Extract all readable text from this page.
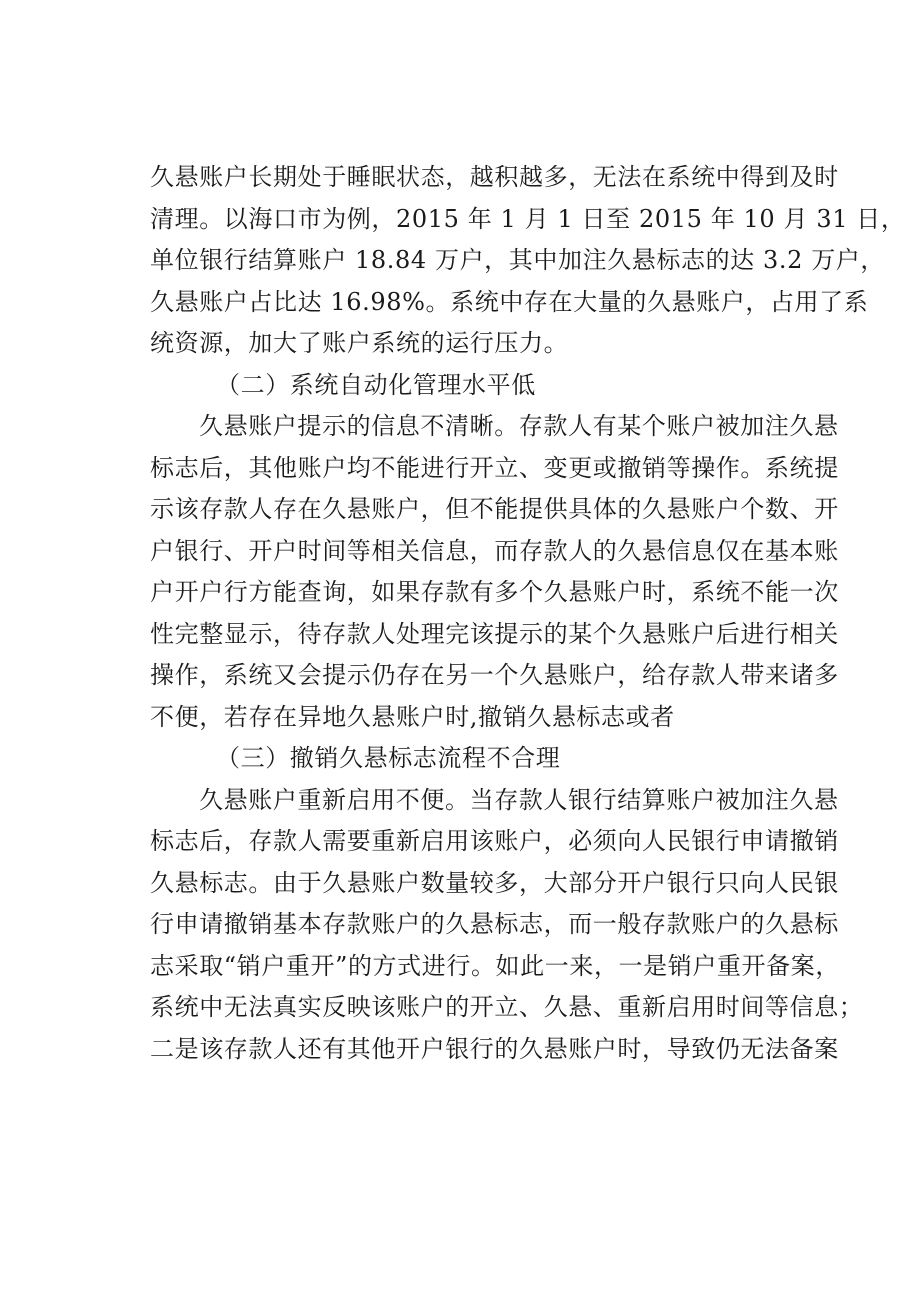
久悬账户长期处于睡眠状态，越积越多，无法在系统中得到及时
清理。以海口市为例，2015 年 1 月 1 日至 2015 年 10 月 31 日，
单位银行结算账户 18.84 万户，其中加注久悬标志的达 3.2 万户，
久悬账户占比达 16.98%。系统中存在大量的久悬账户，占用了系
统资源，加大了账户系统的运行压力。
（二）系统自动化管理水平低
久悬账户提示的信息不清晰。存款人有某个账户被加注久悬
标志后，其他账户均不能进行开立、变更或撤销等操作。系统提
示该存款人存在久悬账户，但不能提供具体的久悬账户个数、开
户银行、开户时间等相关信息，而存款人的久悬信息仅在基本账
户开户行方能查询，如果存款有多个久悬账户时，系统不能一次
性完整显示，待存款人处理完该提示的某个久悬账户后进行相关
操作，系统又会提示仍存在另一个久悬账户，给存款人带来诸多
不便，若存在异地久悬账户时,撤销久悬标志或者
（三）撤销久悬标志流程不合理
久悬账户重新启用不便。当存款人银行结算账户被加注久悬
标志后，存款人需要重新启用该账户，必须向人民银行申请撤销
久悬标志。由于久悬账户数量较多，大部分开户银行只向人民银
行申请撤销基本存款账户的久悬标志，而一般存款账户的久悬标
志采取“销户重开”的方式进行。如此一来，一是销户重开备案，
系统中无法真实反映该账户的开立、久悬、重新启用时间等信息；
二是该存款人还有其他开户银行的久悬账户时，导致仍无法备案
